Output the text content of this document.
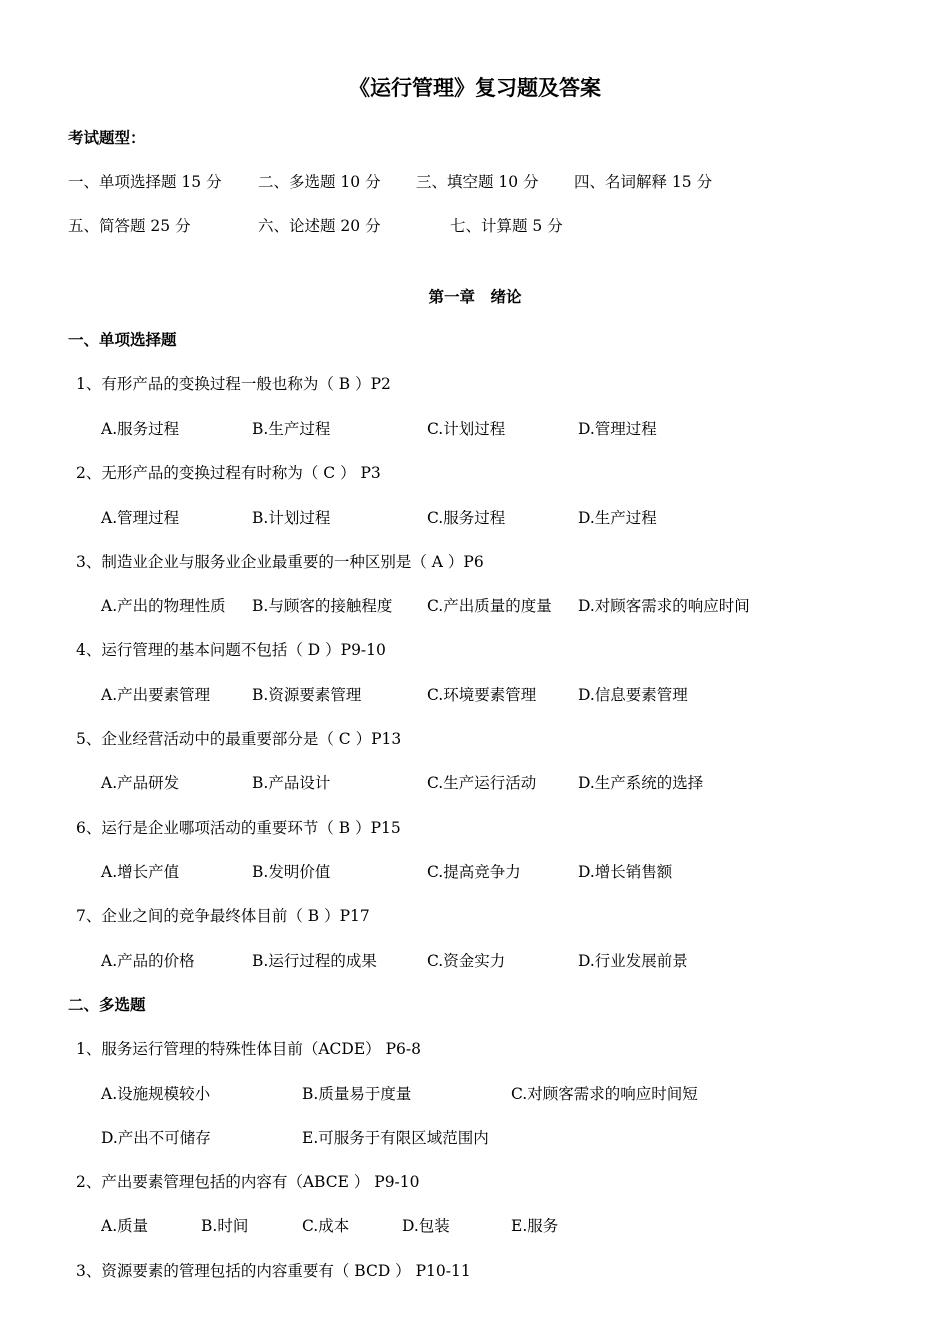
《运行管理》复习题及答案
考试题型：
一、单项选择题 15 分 二、多选题 10 分 三、填空题 10 分 四、名词解释 15 分
五、简答题 25 分	六、论述题 20 分	七、计算题 5 分
第一章　绪论
一、单项选择题
1、有形产品的变换过程一般也称为（ B ）P2
A.服务过程	B.生产过程	C.计划过程	D.管理过程
2、无形产品的变换过程有时称为（ C ） P3
A.管理过程	B.计划过程	C.服务过程	D.生产过程
3、制造业企业与服务业企业最重要的一种区别是（ A ）P6
A.产出的物理性质 B.与顾客的接触程度 C.产出质量的度量 D.对顾客需求的响应时间
4、运行管理的基本问题不包括（ D ）P9-10
A.产出要素管理	B.资源要素管理	C.环境要素管理	D.信息要素管理
5、企业经营活动中的最重要部分是（ C ）P13
A.产品研发	B.产品设计	C.生产运行活动	D.生产系统的选择
6、运行是企业哪项活动的重要环节（ B ）P15
A.增长产值	B.发明价值	C.提高竞争力	D.增长销售额
7、企业之间的竞争最终体目前（ B ）P17
A.产品的价格	B.运行过程的成果	C.资金实力	D.行业发展前景
二、多选题
1、服务运行管理的特殊性体目前（ACDE） P6-8
A.设施规模较小	B.质量易于度量	C.对顾客需求的响应时间短
D.产出不可储存	E.可服务于有限区域范围内
2、产出要素管理包括的内容有（ABCE ） P9-10
A.质量	B.时间	C.成本	D.包装	E.服务
3、资源要素的管理包括的内容重要有（ BCD ） P10-11
